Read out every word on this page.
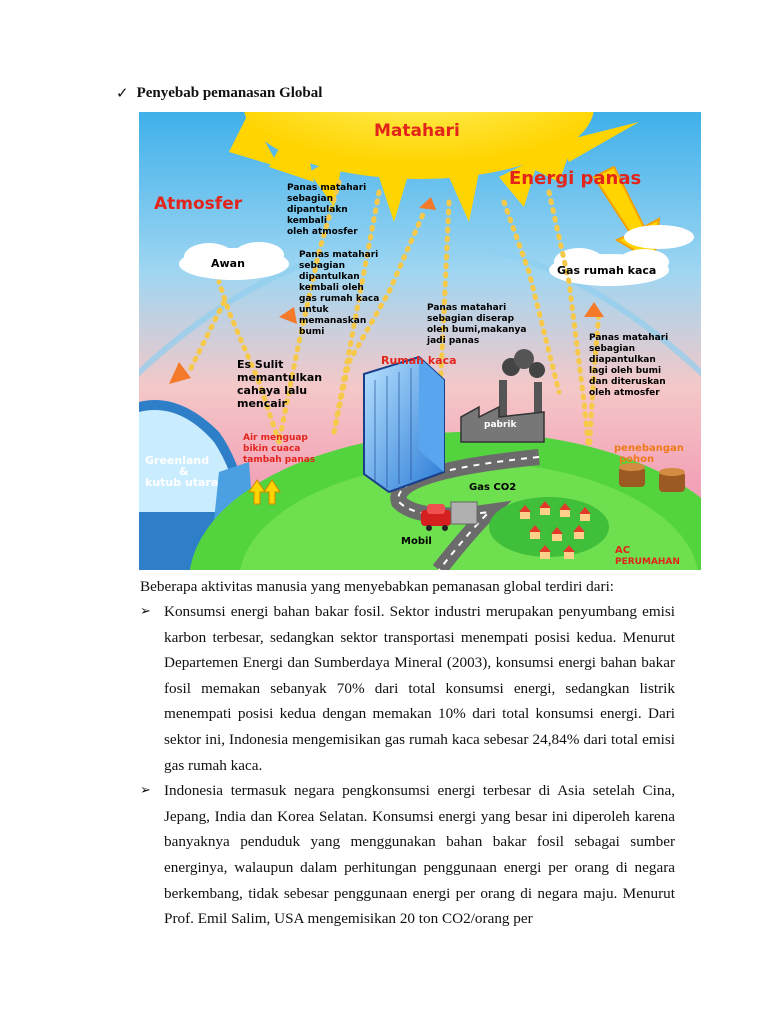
✓ Penyebab pemanasan Global
Matahari
Energi panas
Atmosfer
Awan
Gas rumah kaca
Panas matahari sebagian dipantulakn kembali oleh atmosfer
Panas matahari sebagian dipantulkan kembali oleh gas rumah kaca untuk memanaskan bumi
Panas matahari sebagian diserap oleh bumi,makanya jadi panas	Panas matahari sebagian diapantulkan lagi oleh bumi dan diteruskan oleh atmosfer
Es Sulit memantulkan cahaya lalu mencair
Air menguap bikin cuaca tambah panas
Rumah kaca
pabrik
Greenland & kutub utara
penebangan pohon
Gas CO2
Mobil
AC
PERUMAHAN
Beberapa aktivitas manusia yang menyebabkan pemanasan global terdiri dari:
➢ Konsumsi energi bahan bakar fosil. Sektor industri merupakan penyumbang emisi karbon terbesar, sedangkan sektor transportasi menempati posisi kedua. Menurut Departemen Energi dan Sumberdaya Mineral (2003), konsumsi energi bahan bakar fosil memakan sebanyak 70% dari total konsumsi energi, sedangkan listrik menempati posisi kedua dengan memakan 10% dari total konsumsi energi. Dari sektor ini, Indonesia mengemisikan gas rumah kaca sebesar 24,84% dari total emisi gas rumah kaca.
➢ Indonesia termasuk negara pengkonsumsi energi terbesar di Asia setelah Cina, Jepang, India dan Korea Selatan. Konsumsi energi yang besar ini diperoleh karena banyaknya penduduk yang menggunakan bahan bakar fosil sebagai sumber energinya, walaupun dalam perhitungan penggunaan energi per orang di negara berkembang, tidak sebesar penggunaan energi per orang di negara maju. Menurut Prof. Emil Salim, USA mengemisikan 20 ton CO2/orang per
